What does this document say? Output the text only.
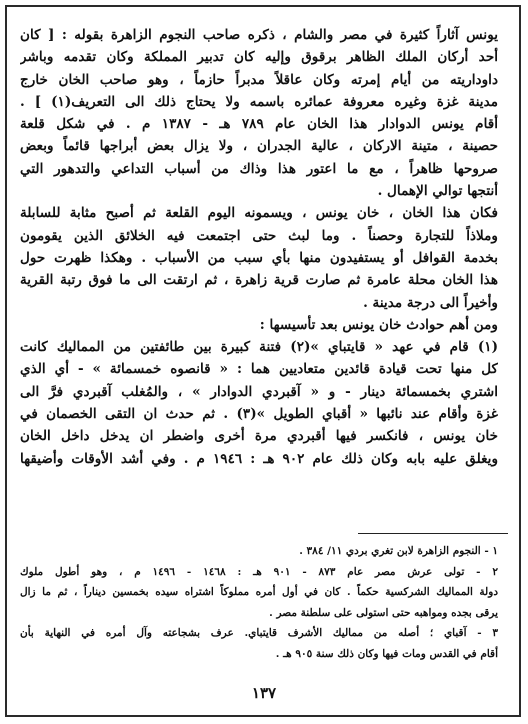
يونس آثاراً كثيرة في مصر والشام ، ذكره صاحب النجوم الزاهرة بقوله : [ كان
أحد أركان الملك الظاهر برقوق وإليه كان تدبير المملكة وكان تقدمه وباشر
داوداريته من أيام إمرته وكان عاقلاً مدبراً حازماً ، وهو صاحب الخان خارج
مدينة غزة وغيره معروفة عمائره باسمه ولا يحتاج ذلك الى التعريف(١) ] .
أقام يونس الدوادار هذا الخان عام ٧٨٩ هـ - ١٣٨٧ م . في شكل قلعة
حصينة ، متينة الاركان ، عالية الجدران ، ولا يزال بعض أبراجها قائماً وبعض
صروحها ظاهراً ، مع ما اعتور هذا وذاك من أسباب التداعي والتدهور التي
أنتجها توالي الإهمال .
فكان هذا الخان ، خان يونس ، ويسمونه اليوم القلعة ثم أصبح مثابة للسابلة
وملاذاً للتجارة وحصناً . وما لبث حتى اجتمعت فيه الخلائق الذين يقومون
بخدمة القوافل أو يستفيدون منها بأي سبب من الأسباب . وهكذا ظهرت حول
هذا الخان محلة عامرة ثم صارت قرية زاهرة ، ثم ارتقت الى ما فوق رتبة القرية
وأخيراً الى درجة مدينة .
ومن أهم حوادث خان يونس بعد تأسيسها :
(١) قام في عهد « قايتباي »(٢) فتنة كبيرة بين طائفتين من المماليك كانت
كل منها تحت قيادة قائدين متعاديين هما : « قانصوه خمسمائة » - أي الذي
اشتري بخمسمائة دينار - و « آقبردي الدوادار » ، والمُغلب آقبردي فرَّ الى
غزة وأقام عند نائبها « أقباي الطويل »(٣) . ثم حدث ان التقى الخصمان في
خان يونس ، فانكسر فيها أقبردي مرة أخرى واضطر ان يدخل داخل الخان
ويغلق عليه بابه وكان ذلك عام ٩٠٢ هـ : ١٩٤٦ م . وفي أشد الأوقات وأضيقها
١ - النجوم الزاهرة لابن تغري بردي ١١/ ٣٨٤ .
٢ - تولى عرش مصر عام ٨٧٣ - ٩٠١ هـ : ١٤٦٨ - ١٤٩٦ م ، وهو أطول ملوك
دولة المماليك الشركسية حكماً . كان في أول أمره مملوكاً اشتراه سيده بخمسين ديناراً ، ثم ما زال
يرقى بجده ومواهبه حتى استولى على سلطنة مصر .
٣ - آقباي ؛ أصله من مماليك الأشرف قايتباي. عرف بشجاعته وآل أمره في النهاية بأن
أقام في القدس ومات فيها وكان ذلك سنة ٩٠٥ هـ .
١٣٧
